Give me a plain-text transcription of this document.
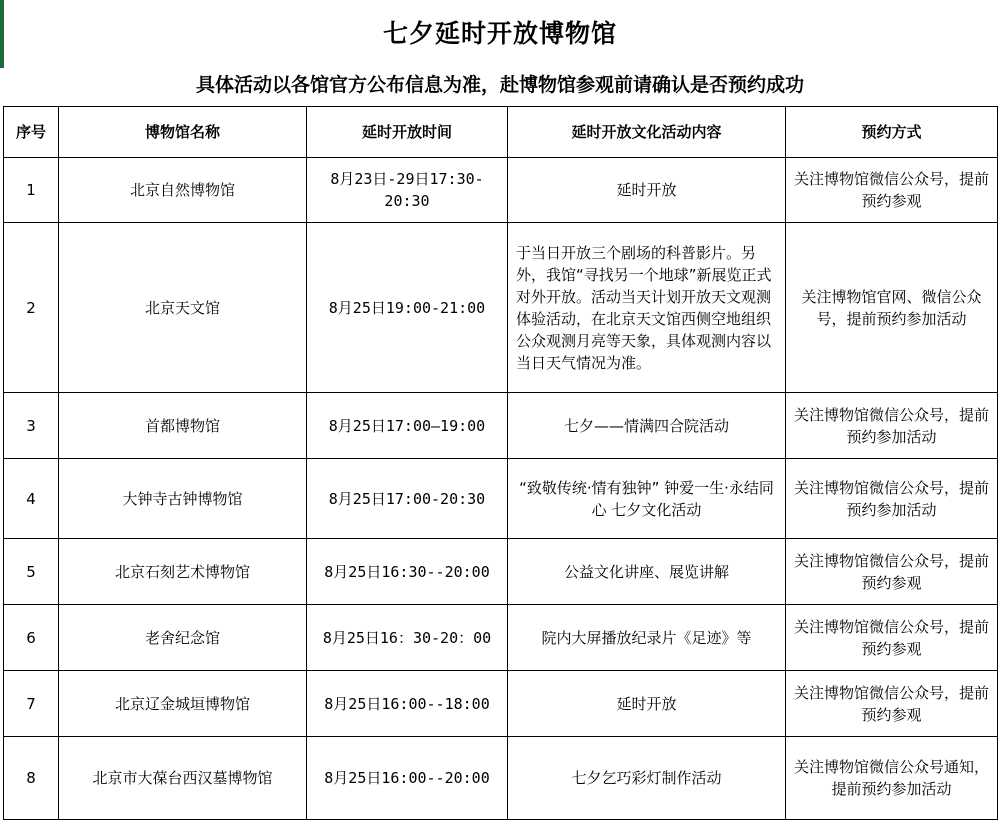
七夕延时开放博物馆
具体活动以各馆官方公布信息为准，赴博物馆参观前请确认是否预约成功
序号	博物馆名称	延时开放时间	延时开放文化活动内容	预约方式
1	北京自然博物馆	8月23日-29日17:30-20:30	延时开放	关注博物馆微信公众号，提前预约参观
2	北京天文馆	8月25日19:00-21:00	于当日开放三个剧场的科普影片。另外，我馆“寻找另一个地球”新展览正式对外开放。活动当天计划开放天文观测体验活动，在北京天文馆西侧空地组织公众观测月亮等天象，具体观测内容以当日天气情况为准。	关注博物馆官网、微信公众号，提前预约参加活动
3	首都博物馆	8月25日17:00—19:00	七夕——情满四合院活动	关注博物馆微信公众号，提前预约参加活动
4	大钟寺古钟博物馆	8月25日17:00-20:30	“致敬传统·情有独钟” 钟爱一生·永结同心 七夕文化活动	关注博物馆微信公众号，提前预约参加活动
5	北京石刻艺术博物馆	8月25日16:30--20:00	公益文化讲座、展览讲解	关注博物馆微信公众号，提前预约参观
6	老舍纪念馆	8月25日16：30-20：00	院内大屏播放纪录片《足迹》等	关注博物馆微信公众号，提前预约参观
7	北京辽金城垣博物馆	8月25日16:00--18:00	延时开放	关注博物馆微信公众号，提前预约参观
8	北京市大葆台西汉墓博物馆	8月25日16:00--20:00	七夕乞巧彩灯制作活动	关注博物馆微信公众号通知，提前预约参加活动
